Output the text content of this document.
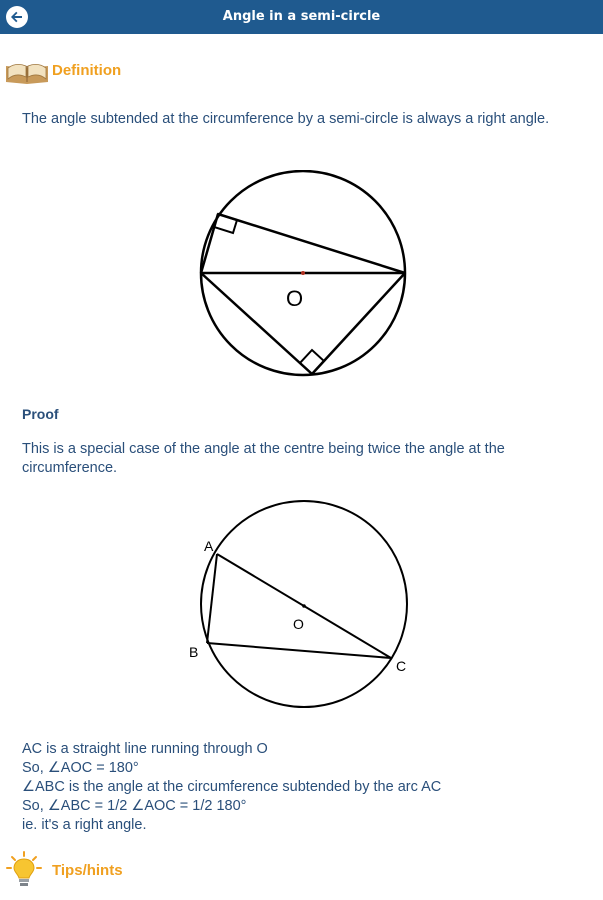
Angle in a semi-circle
Definition
The angle subtended at the circumference by a semi-circle is always a right angle.
O
Proof
This is a special case of the angle at the centre being twice the angle at the circumference.
A
B
C
O
AC is a straight line running through O
So, ∠AOC = 180°
∠ABC is the angle at the circumference subtended by the arc AC
So, ∠ABC = 1/2 ∠AOC = 1/2 180°
ie. it's a right angle.
Tips/hints
